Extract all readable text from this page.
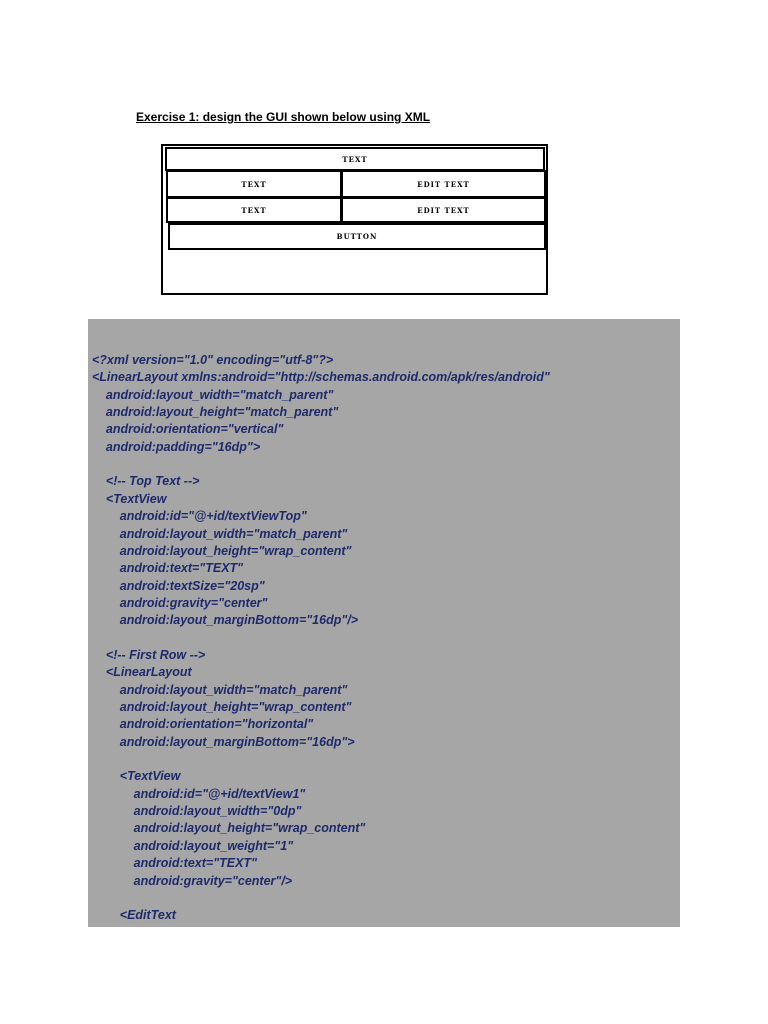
Exercise 1: design the GUI shown below using XML
TEXT
TEXT	EDIT TEXT
TEXT	EDIT TEXT
BUTTON
<?xml version="1.0" encoding="utf-8"?>
<LinearLayout xmlns:android="http://schemas.android.com/apk/res/android"
android:layout_width="match_parent"
android:layout_height="match_parent"
android:orientation="vertical"
android:padding="16dp">
<!-- Top Text -->
<TextView
android:id="@+id/textViewTop"
android:layout_width="match_parent"
android:layout_height="wrap_content"
android:text="TEXT"
android:textSize="20sp"
android:gravity="center"
android:layout_marginBottom="16dp"/>
<!-- First Row -->
<LinearLayout
android:layout_width="match_parent"
android:layout_height="wrap_content"
android:orientation="horizontal"
android:layout_marginBottom="16dp">
<TextView
android:id="@+id/textView1"
android:layout_width="0dp"
android:layout_height="wrap_content"
android:layout_weight="1"
android:text="TEXT"
android:gravity="center"/>
<EditText
